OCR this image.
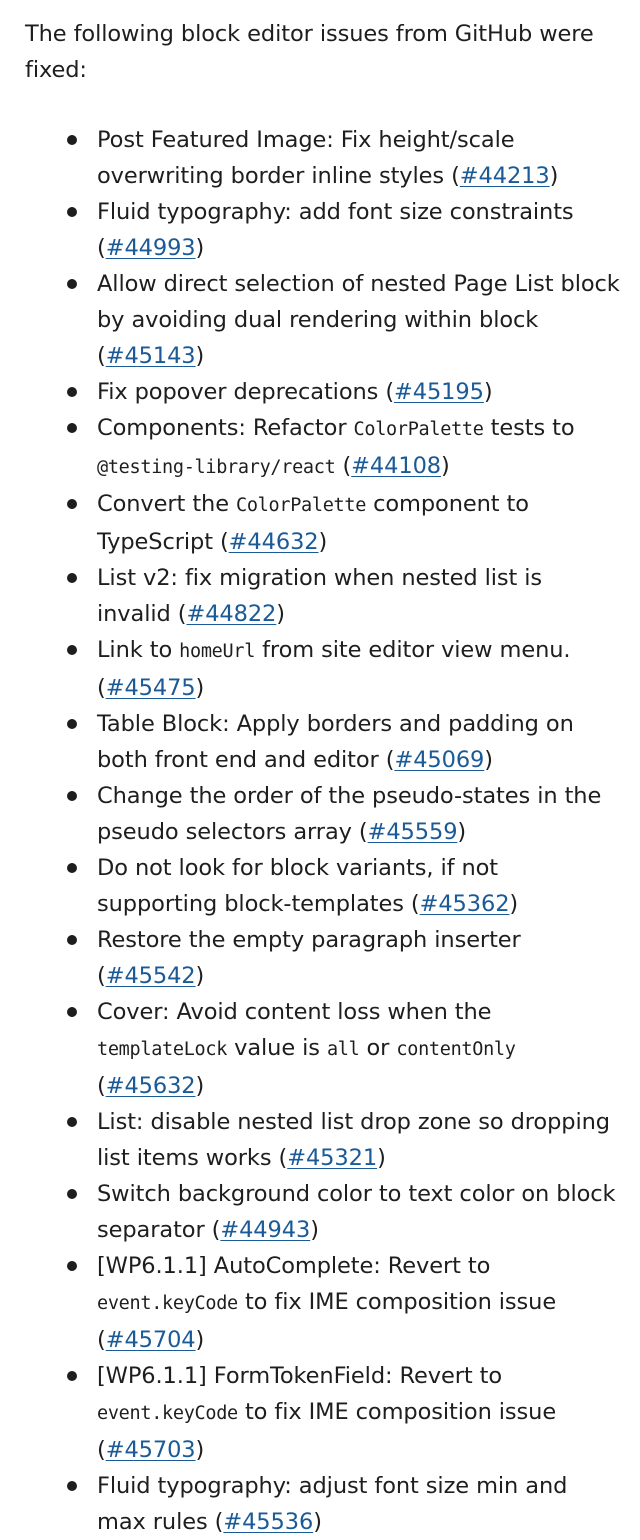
The following block editor issues from GitHub were fixed:

Post Featured Image: Fix height/scale overwriting border inline styles (#44213)
Fluid typography: add font size constraints (#44993)
Allow direct selection of nested Page List block by avoiding dual rendering within block (#45143)
Fix popover deprecations (#45195)
Components: Refactor ColorPalette tests to @testing-library/react (#44108)
Convert the ColorPalette component to TypeScript (#44632)
List v2: fix migration when nested list is invalid (#44822)
Link to homeUrl from site editor view menu. (#45475)
Table Block: Apply borders and padding on both front end and editor (#45069)
Change the order of the pseudo-states in the pseudo selectors array (#45559)
Do not look for block variants, if not supporting block-templates (#45362)
Restore the empty paragraph inserter (#45542)
Cover: Avoid content loss when the templateLock value is all or contentOnly (#45632)
List: disable nested list drop zone so dropping list items works (#45321)
Switch background color to text color on block separator (#44943)
[WP6.1.1] AutoComplete: Revert to event.keyCode to fix IME composition issue (#45704)
[WP6.1.1] FormTokenField: Revert to event.keyCode to fix IME composition issue (#45703)
Fluid typography: adjust font size min and max rules (#45536)
